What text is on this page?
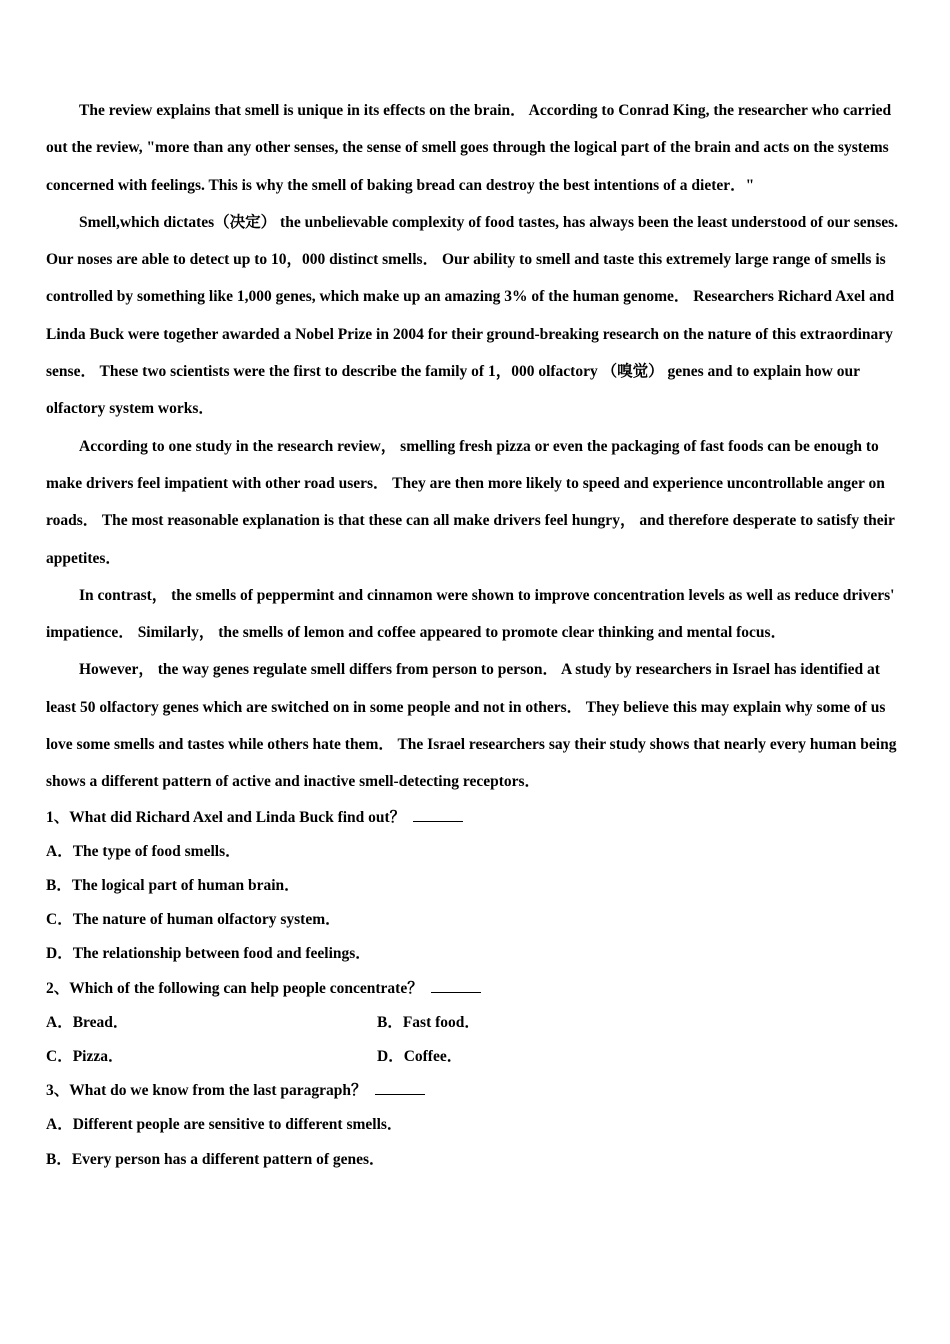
The review explains that smell is unique in its effects on the brain． According to Conrad King, the researcher who carried out the review, "more than any other senses, the sense of smell goes through the logical part of the brain and acts on the systems concerned with feelings. This is why the smell of baking bread can destroy the best intentions of a dieter．"

Smell,which dictates（决定） the unbelievable complexity of food tastes, has always been the least understood of our senses. Our noses are able to detect up to 10，000 distinct smells． Our ability to smell and taste this extremely large range of smells is controlled by something like 1,000 genes, which make up an amazing 3% of the human genome． Researchers Richard Axel and Linda Buck were together awarded a Nobel Prize in 2004 for their ground-breaking research on the nature of this extraordinary sense． These two scientists were the first to describe the family of 1，000 olfactory （嗅觉） genes and to explain how our olfactory system works．

According to one study in the research review， smelling fresh pizza or even the packaging of fast foods can be enough to make drivers feel impatient with other road users． They are then more likely to speed and experience uncontrollable anger on roads． The most reasonable explanation is that these can all make drivers feel hungry， and therefore desperate to satisfy their appetites．

In contrast， the smells of peppermint and cinnamon were shown to improve concentration levels as well as reduce drivers' impatience． Similarly， the smells of lemon and coffee appeared to promote clear thinking and mental focus．

However， the way genes regulate smell differs from person to person． A study by researchers in Israel has identified at least 50 olfactory genes which are switched on in some people and not in others． They believe this may explain why some of us love some smells and tastes while others hate them． The Israel researchers say their study shows that nearly every human being shows a different pattern of active and inactive smell-detecting receptors．

1、What did Richard Axel and Linda Buck find out？
A．The type of food smells．
B．The logical part of human brain．
C．The nature of human olfactory system．
D．The relationship between food and feelings．
2、Which of the following can help people concentrate？
A．Bread．	B．Fast food．
C．Pizza．	D．Coffee．
3、What do we know from the last paragraph？
A．Different people are sensitive to different smells．
B．Every person has a different pattern of genes．
